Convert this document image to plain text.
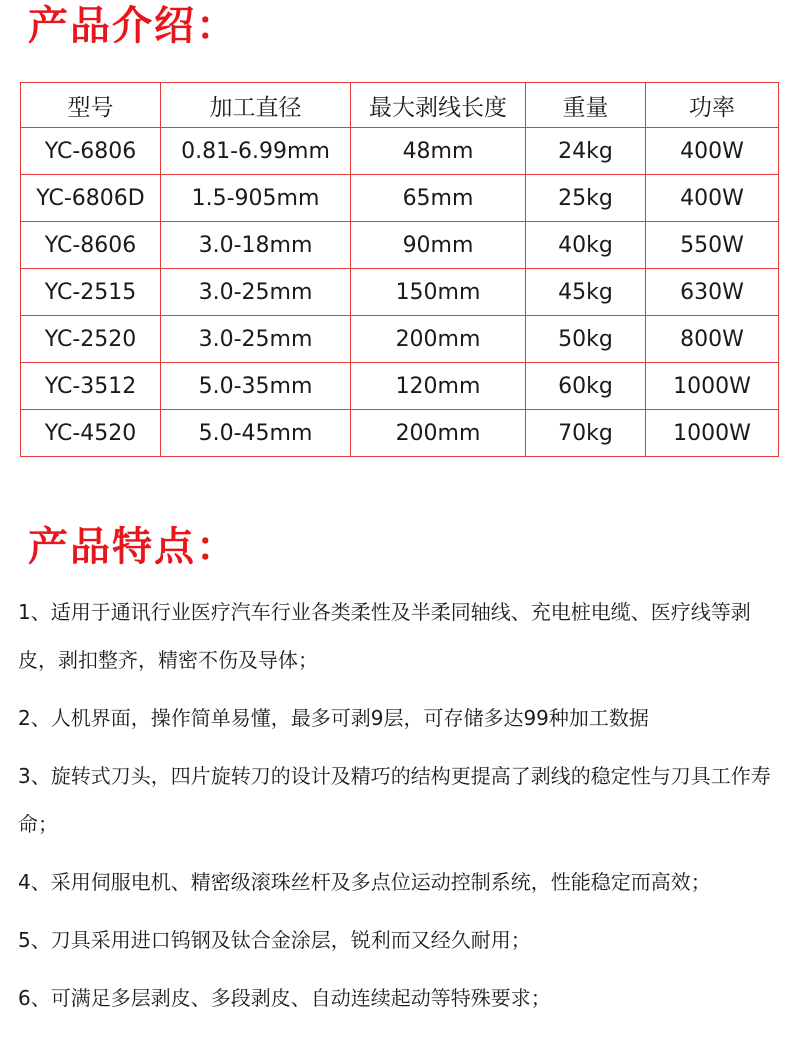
产品介绍：
型号	加工直径	最大剥线长度	重量	功率
YC-6806	0.81-6.99mm	48mm	24kg	400W
YC-6806D	1.5-905mm	65mm	25kg	400W
YC-8606	3.0-18mm	90mm	40kg	550W
YC-2515	3.0-25mm	150mm	45kg	630W
YC-2520	3.0-25mm	200mm	50kg	800W
YC-3512	5.0-35mm	120mm	60kg	1000W
YC-4520	5.0-45mm	200mm	70kg	1000W
产品特点：

1、适用于通讯行业医疗汽车行业各类柔性及半柔同轴线、充电桩电缆、医疗线等剥皮，剥扣整齐，精密不伤及导体；

2、人机界面，操作简单易懂，最多可剥9层，可存储多达99种加工数据

3、旋转式刀头，四片旋转刀的设计及精巧的结构更提高了剥线的稳定性与刀具工作寿命；

4、采用伺服电机、精密级滚珠丝杆及多点位运动控制系统，性能稳定而高效；

5、刀具采用进口钨钢及钛合金涂层，锐利而又经久耐用；

6、可满足多层剥皮、多段剥皮、自动连续起动等特殊要求；
